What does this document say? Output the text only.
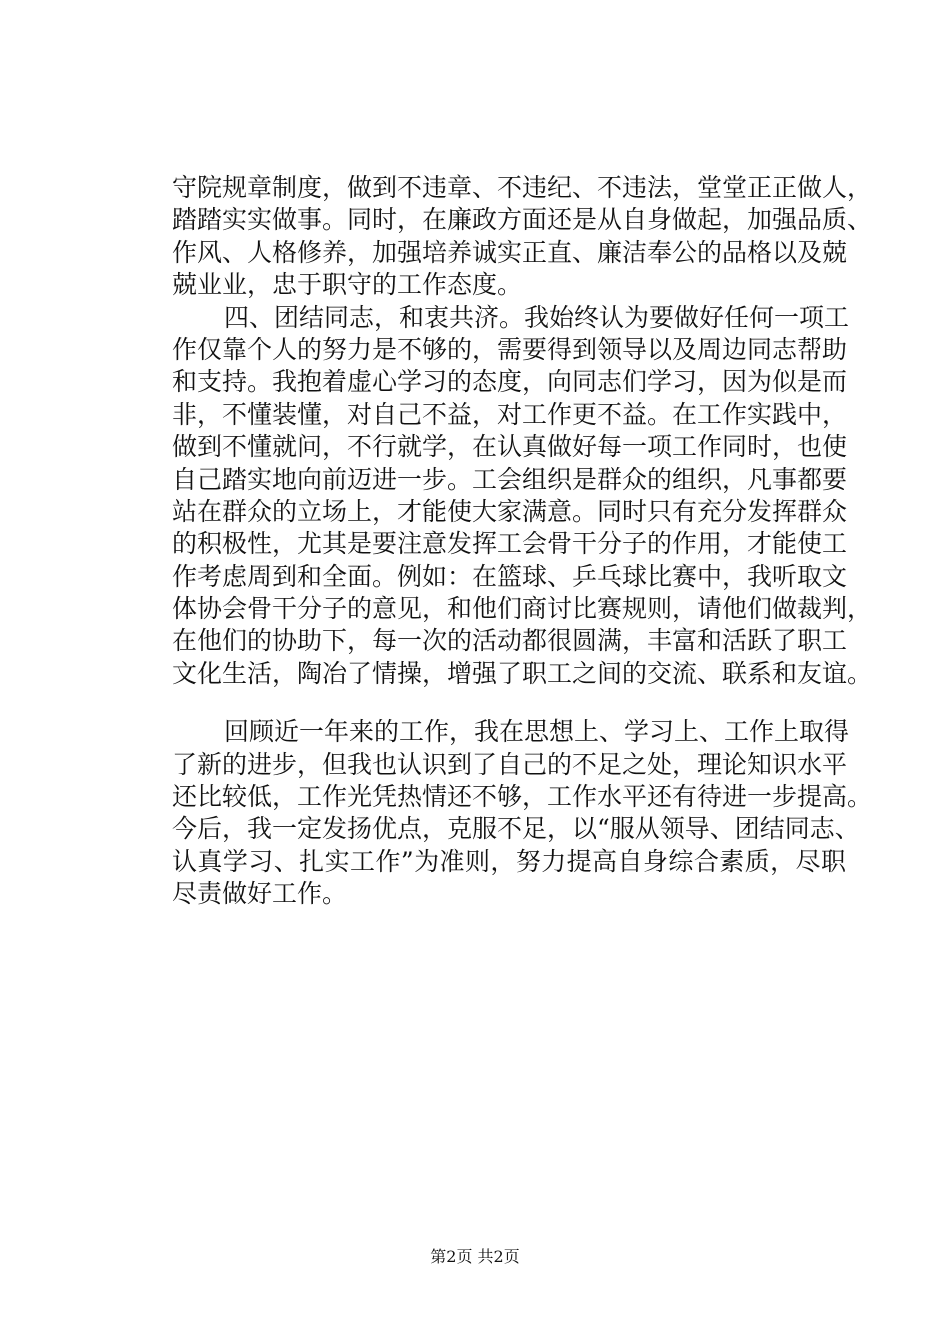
守院规章制度，做到不违章、不违纪、不违法，堂堂正正做人，
踏踏实实做事。同时，在廉政方面还是从自身做起，加强品质、
作风、人格修养，加强培养诚实正直、廉洁奉公的品格以及兢
兢业业，忠于职守的工作态度。
四、团结同志，和衷共济。我始终认为要做好任何一项工
作仅靠个人的努力是不够的，需要得到领导以及周边同志帮助
和支持。我抱着虚心学习的态度，向同志们学习，因为似是而
非，不懂装懂，对自己不益，对工作更不益。在工作实践中，
做到不懂就问，不行就学，在认真做好每一项工作同时，也使
自己踏实地向前迈进一步。工会组织是群众的组织，凡事都要
站在群众的立场上，才能使大家满意。同时只有充分发挥群众
的积极性，尤其是要注意发挥工会骨干分子的作用，才能使工
作考虑周到和全面。例如：在篮球、乒乓球比赛中，我听取文
体协会骨干分子的意见，和他们商讨比赛规则，请他们做裁判，
在他们的协助下，每一次的活动都很圆满，丰富和活跃了职工
文化生活，陶冶了情操，增强了职工之间的交流、联系和友谊。
回顾近一年来的工作，我在思想上、学习上、工作上取得
了新的进步，但我也认识到了自己的不足之处，理论知识水平
还比较低，工作光凭热情还不够，工作水平还有待进一步提高。
今后，我一定发扬优点，克服不足，以“服从领导、团结同志、
认真学习、扎实工作”为准则，努力提高自身综合素质，尽职
尽责做好工作。
第2页 共2页
